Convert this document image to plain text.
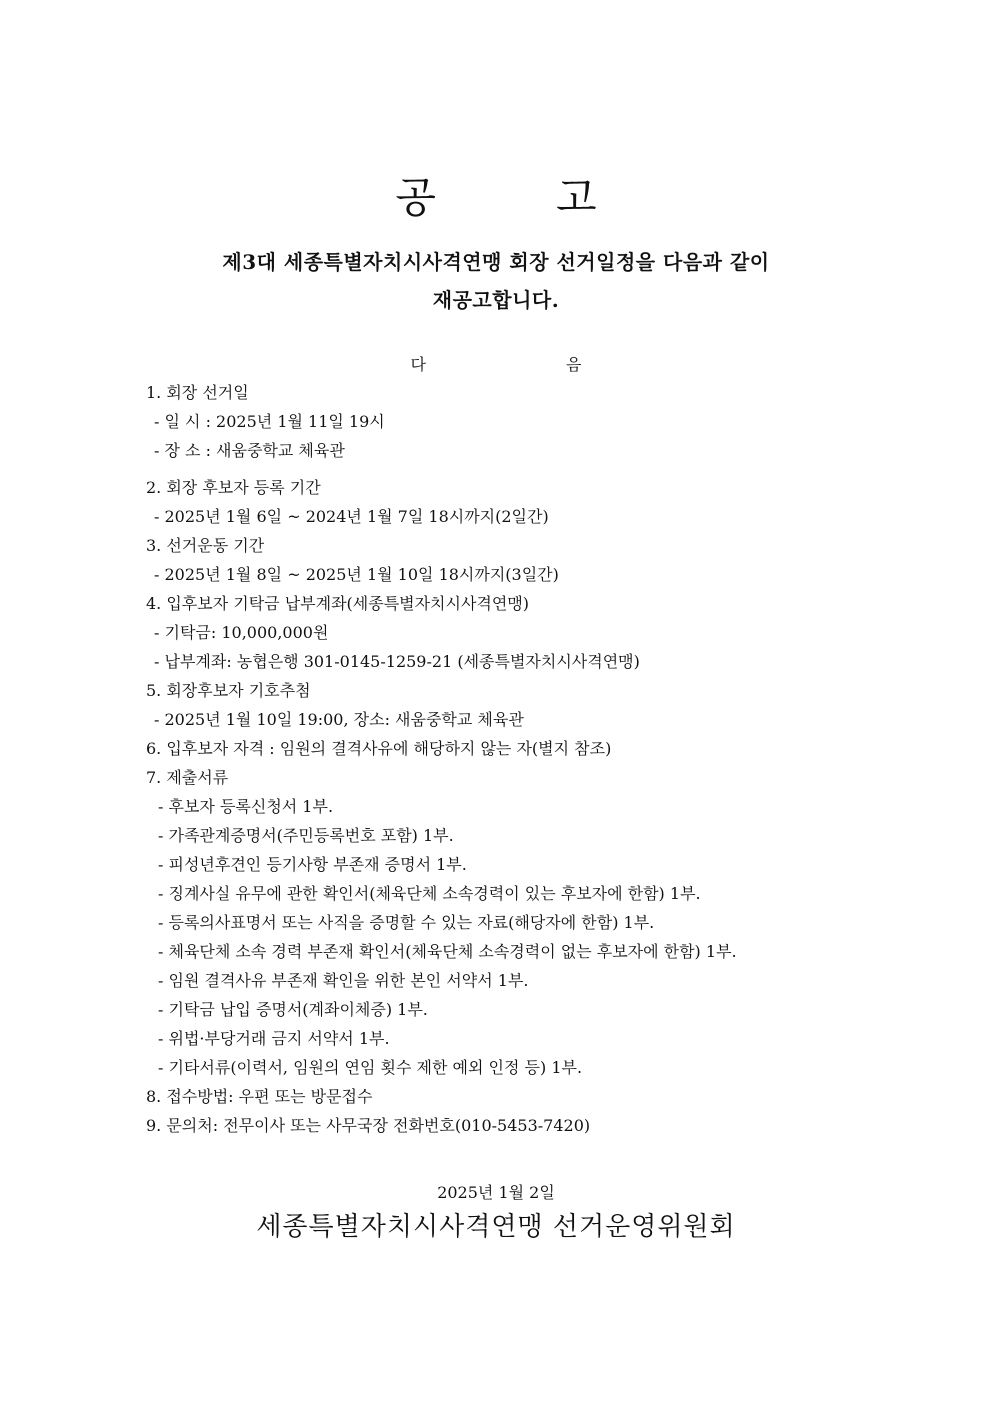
공	고
제3대 세종특별자치시사격연맹 회장 선거일정을 다음과 같이
재공고합니다.
다	음
1. 회장 선거일
- 일 시 : 2025년 1월 11일 19시
- 장 소 : 새움중학교 체육관
2. 회장 후보자 등록 기간
- 2025년 1월 6일 ~ 2024년 1월 7일 18시까지(2일간)
3. 선거운동 기간
- 2025년 1월 8일 ~ 2025년 1월 10일 18시까지(3일간)
4. 입후보자 기탁금 납부계좌(세종특별자치시사격연맹)
- 기탁금: 10,000,000원
- 납부계좌: 농협은행 301-0145-1259-21 (세종특별자치시사격연맹)
5. 회장후보자 기호추첨
- 2025년 1월 10일 19:00, 장소: 새움중학교 체육관
6. 입후보자 자격 : 임원의 결격사유에 해당하지 않는 자(별지 참조)
7. 제출서류
- 후보자 등록신청서 1부.
- 가족관계증명서(주민등록번호 포함) 1부.
- 피성년후견인 등기사항 부존재 증명서 1부.
- 징계사실 유무에 관한 확인서(체육단체 소속경력이 있는 후보자에 한함) 1부.
- 등록의사표명서 또는 사직을 증명할 수 있는 자료(해당자에 한함) 1부.
- 체육단체 소속 경력 부존재 확인서(체육단체 소속경력이 없는 후보자에 한함) 1부.
- 임원 결격사유 부존재 확인을 위한 본인 서약서 1부.
- 기탁금 납입 증명서(계좌이체증) 1부.
- 위법·부당거래 금지 서약서 1부.
- 기타서류(이력서, 임원의 연임 횟수 제한 예외 인정 등) 1부.
8. 접수방법: 우편 또는 방문접수
9. 문의처: 전무이사 또는 사무국장 전화번호(010-5453-7420)
2025년 1월 2일
세종특별자치시사격연맹 선거운영위원회
